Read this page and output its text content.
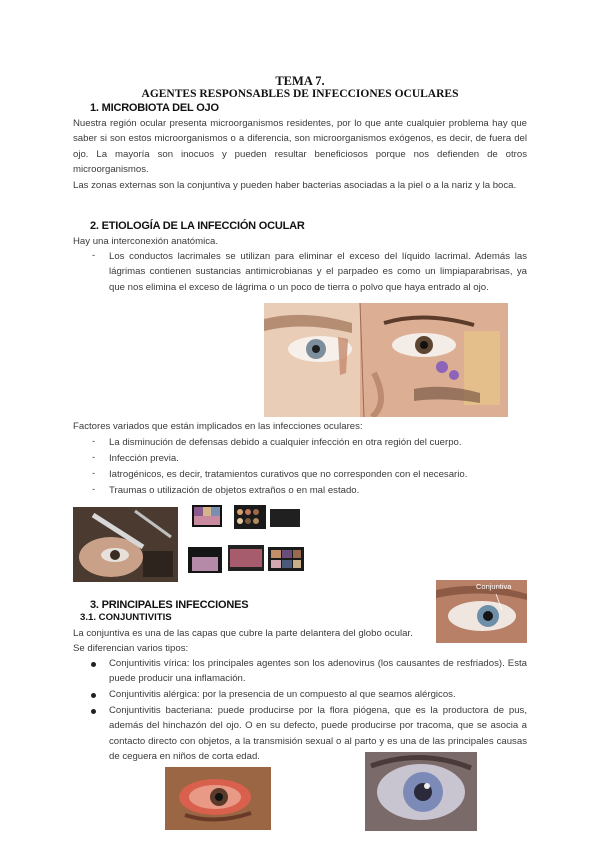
TEMA 7.
AGENTES RESPONSABLES DE INFECCIONES OCULARES
1. MICROBIOTA DEL OJO
Nuestra región ocular presenta microorganismos residentes, por lo que ante cualquier problema hay que saber si son estos microorganismos o a diferencia, son microorganismos exógenos, es decir, de fuera del ojo. La mayoría son inocuos y pueden resultar beneficiosos porque nos defienden de otros microorganismos.
Las zonas externas son la conjuntiva y pueden haber bacterias asociadas a la piel o a la nariz y la boca.
2. ETIOLOGÍA DE LA INFECCIÓN OCULAR
Hay una interconexión anatómica.
- Los conductos lacrimales se utilizan para eliminar el exceso del líquido lacrimal. Además las lágrimas contienen sustancias antimicrobianas y el parpadeo es como un limpiaparabrisas, ya que nos elimina el exceso de lágrima o un poco de tierra o polvo que haya entrado al ojo.
Factores variados que están implicados en las infecciones oculares:
- La disminución de defensas debido a cualquier infección en otra región del cuerpo.
- Infección previa.
- Iatrogénicos, es decir, tratamientos curativos que no corresponden con el necesario.
- Traumas o utilización de objetos extraños o en mal estado.
3. PRINCIPALES INFECCIONES
3.1. CONJUNTIVITIS
Conjuntiva
La conjuntiva es una de las capas que cubre la parte delantera del globo ocular.
Se diferencian varios tipos:
Conjuntivitis vírica: los principales agentes son los adenovirus (los causantes de resfriados). Esta puede producir una inflamación.
Conjuntivitis alérgica: por la presencia de un compuesto al que seamos alérgicos.
Conjuntivitis bacteriana: puede producirse por la flora piógena, que es la productora de pus, además del hinchazón del ojo. O en su defecto, puede producirse por tracoma, que se asocia a contacto directo con objetos, a la transmisión sexual o al parto y es una de las principales causas de ceguera en niños de corta edad.
